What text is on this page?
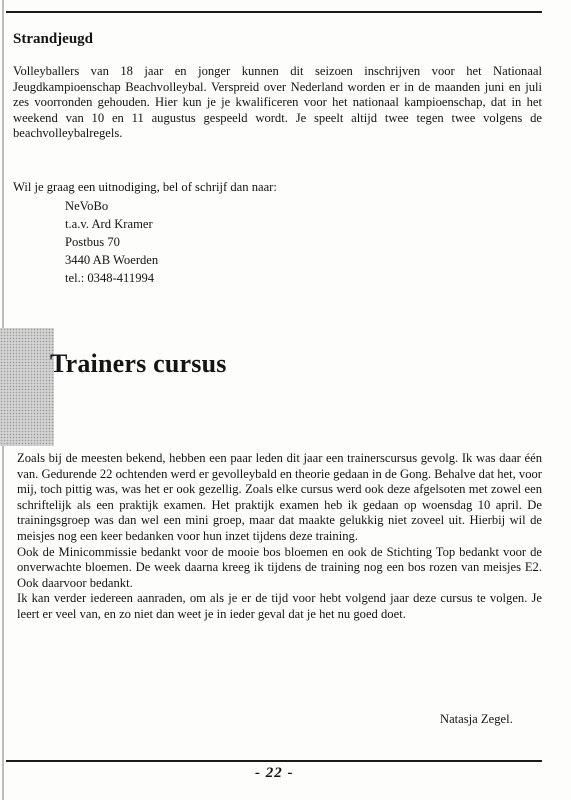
Strandjeugd

Volleyballers van 18 jaar en jonger kunnen dit seizoen inschrijven voor het Nationaal Jeugdkampioenschap Beachvolleybal. Verspreid over Nederland worden er in de maanden juni en juli zes voorronden gehouden. Hier kun je je kwalificeren voor het nationaal kampioenschap, dat in het weekend van 10 en 11 augustus gespeeld wordt. Je speelt altijd twee tegen twee volgens de beachvolleybalregels.

Wil je graag een uitnodiging, bel of schrijf dan naar:

NeVoBo
t.a.v. Ard Kramer
Postbus 70
3440 AB Woerden
tel.: 0348-411994
Trainers cursus

Zoals bij de meesten bekend, hebben een paar leden dit jaar een trainerscursus gevolg. Ik was daar één van. Gedurende 22 ochtenden werd er gevolleybald en theorie gedaan in de Gong. Behalve dat het, voor mij, toch pittig was, was het er ook gezellig. Zoals elke cursus werd ook deze afgelsoten met zowel een schriftelijk als een praktijk examen. Het praktijk examen heb ik gedaan op woensdag 10 april. De trainingsgroep was dan wel een mini groep, maar dat maakte gelukkig niet zoveel uit. Hierbij wil de meisjes nog een keer bedanken voor hun inzet tijdens deze training.
Ook de Minicommissie bedankt voor de mooie bos bloemen en ook de Stichting Top bedankt voor de onverwachte bloemen. De week daarna kreeg ik tijdens de training nog een bos rozen van meisjes E2. Ook daarvoor bedankt.
Ik kan verder iedereen aanraden, om als je er de tijd voor hebt volgend jaar deze cursus te volgen. Je leert er veel van, en zo niet dan weet je in ieder geval dat je het nu goed doet.

Natasja Zegel.
- 22 -
